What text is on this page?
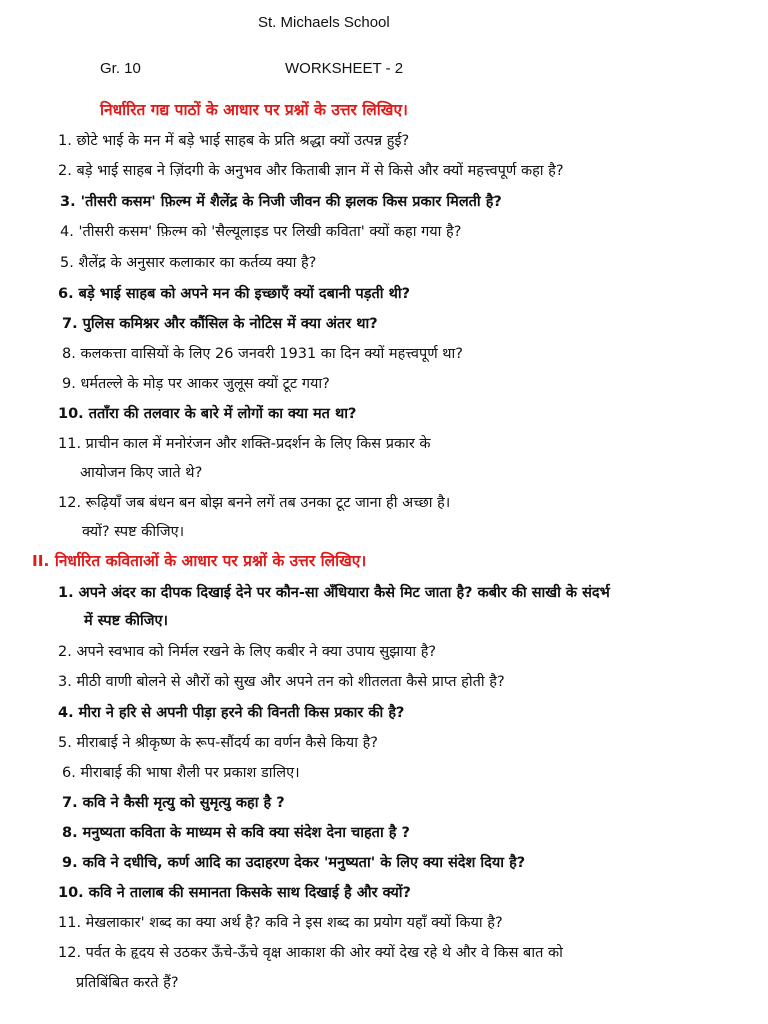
St. Michaels School
Gr. 10	WORKSHEET - 2
निर्धारित गद्य पाठों के आधार पर प्रश्नों के उत्तर लिखिए।
1. छोटे भाई के मन में बड़े भाई साहब के प्रति श्रद्धा क्यों उत्पन्न हुई?
2. बड़े भाई साहब ने ज़िंदगी के अनुभव और किताबी ज्ञान में से किसे और क्यों महत्त्वपूर्ण कहा है?
3. 'तीसरी कसम' फ़िल्म में शैलेंद्र के निजी जीवन की झलक किस प्रकार मिलती है?
4. 'तीसरी कसम' फ़िल्म को 'सैल्यूलाइड पर लिखी कविता' क्यों कहा गया है?
5. शैलेंद्र के अनुसार कलाकार का कर्तव्य क्या है?
6. बड़े भाई साहब को अपने मन की इच्छाएँ क्यों दबानी पड़ती थी?
7. पुलिस कमिश्नर और कौंसिल के नोटिस में क्या अंतर था?
8. कलकत्ता वासियों के लिए 26 जनवरी 1931 का दिन क्यों महत्त्वपूर्ण था?
9. धर्मतल्ले के मोड़ पर आकर जुलूस क्यों टूट गया?
10. तताँरा की तलवार के बारे में लोगों का क्या मत था?
11. प्राचीन काल में मनोरंजन और शक्ति-प्रदर्शन के लिए किस प्रकार के
आयोजन किए जाते थे?
12. रूढ़ियाँ जब बंधन बन बोझ बनने लगें तब उनका टूट जाना ही अच्छा है।
क्यों? स्पष्ट कीजिए।
II. निर्धारित कविताओं के आधार पर प्रश्नों के उत्तर लिखिए।
1. अपने अंदर का दीपक दिखाई देने पर कौन-सा अँधियारा कैसे मिट जाता है? कबीर की साखी के संदर्भ
में स्पष्ट कीजिए।
2. अपने स्वभाव को निर्मल रखने के लिए कबीर ने क्या उपाय सुझाया है?
3. मीठी वाणी बोलने से औरों को सुख और अपने तन को शीतलता कैसे प्राप्त होती है?
4. मीरा ने हरि से अपनी पीड़ा हरने की विनती किस प्रकार की है?
5. मीराबाई ने श्रीकृष्ण के रूप-सौंदर्य का वर्णन कैसे किया है?
6. मीराबाई की भाषा शैली पर प्रकाश डालिए।
7. कवि ने कैसी मृत्यु को सुमृत्यु कहा है ?
8. मनुष्यता कविता के माध्यम से कवि क्या संदेश देना चाहता है ?
9. कवि ने दधीचि, कर्ण आदि का उदाहरण देकर 'मनुष्यता' के लिए क्या संदेश दिया है?
10. कवि ने तालाब की समानता किसके साथ दिखाई है और क्यों?
11. मेखलाकार' शब्द का क्या अर्थ है? कवि ने इस शब्द का प्रयोग यहाँ क्यों किया है?
12. पर्वत के हृदय से उठकर ऊँचे-ऊँचे वृक्ष आकाश की ओर क्यों देख रहे थे और वे किस बात को
प्रतिबिंबित करते हैं?
